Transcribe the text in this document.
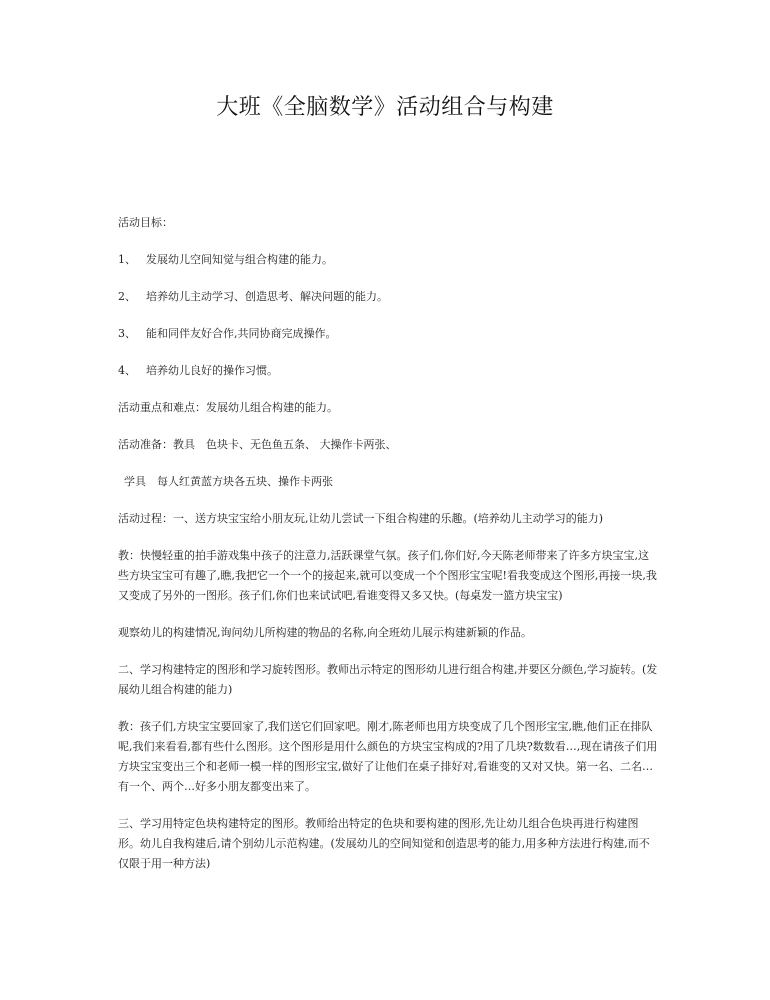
大班《全脑数学》活动组合与构建

活动目标：

1、 发展幼儿空间知觉与组合构建的能力。

2、 培养幼儿主动学习、创造思考、解决问题的能力。

3、 能和同伴友好合作,共同协商完成操作。

4、 培养幼儿良好的操作习惯。

活动重点和难点：发展幼儿组合构建的能力。

活动准备：教具　色块卡、无色鱼五条、 大操作卡两张、

学具　每人红黄蓝方块各五块、操作卡两张

活动过程：一、送方块宝宝给小朋友玩,让幼儿尝试一下组合构建的乐趣。(培养幼儿主动学习的能力)

教：快慢轻重的拍手游戏集中孩子的注意力,活跃课堂气氛。孩子们,你们好,今天陈老师带来了许多方块宝宝,这些方块宝宝可有趣了,瞧,我把它一个一个的接起来,就可以变成一个个图形宝宝呢!看我变成这个图形,再接一块,我又变成了另外的一图形。孩子们,你们也来试试吧,看谁变得又多又快。(每桌发一篮方块宝宝)

观察幼儿的构建情况,询问幼儿所构建的物品的名称,向全班幼儿展示构建新颖的作品。

二、学习构建特定的图形和学习旋转图形。教师出示特定的图形幼儿进行组合构建,并要区分颜色,学习旋转。(发展幼儿组合构建的能力)

教：孩子们,方块宝宝要回家了,我们送它们回家吧。刚才,陈老师也用方块变成了几个图形宝宝,瞧,他们正在排队呢,我们来看看,都有些什么图形。这个图形是用什么颜色的方块宝宝构成的?用了几块?数数看…,现在请孩子们用方块宝宝变出三个和老师一模一样的图形宝宝,做好了让他们在桌子排好对,看谁变的又对又快。第一名、二名…有一个、两个…好多小朋友都变出来了。

三、学习用特定色块构建特定的图形。教师给出特定的色块和要构建的图形,先让幼儿组合色块再进行构建图形。幼儿自我构建后,请个别幼儿示范构建。(发展幼儿的空间知觉和创造思考的能力,用多种方法进行构建,而不仅限于用一种方法)
